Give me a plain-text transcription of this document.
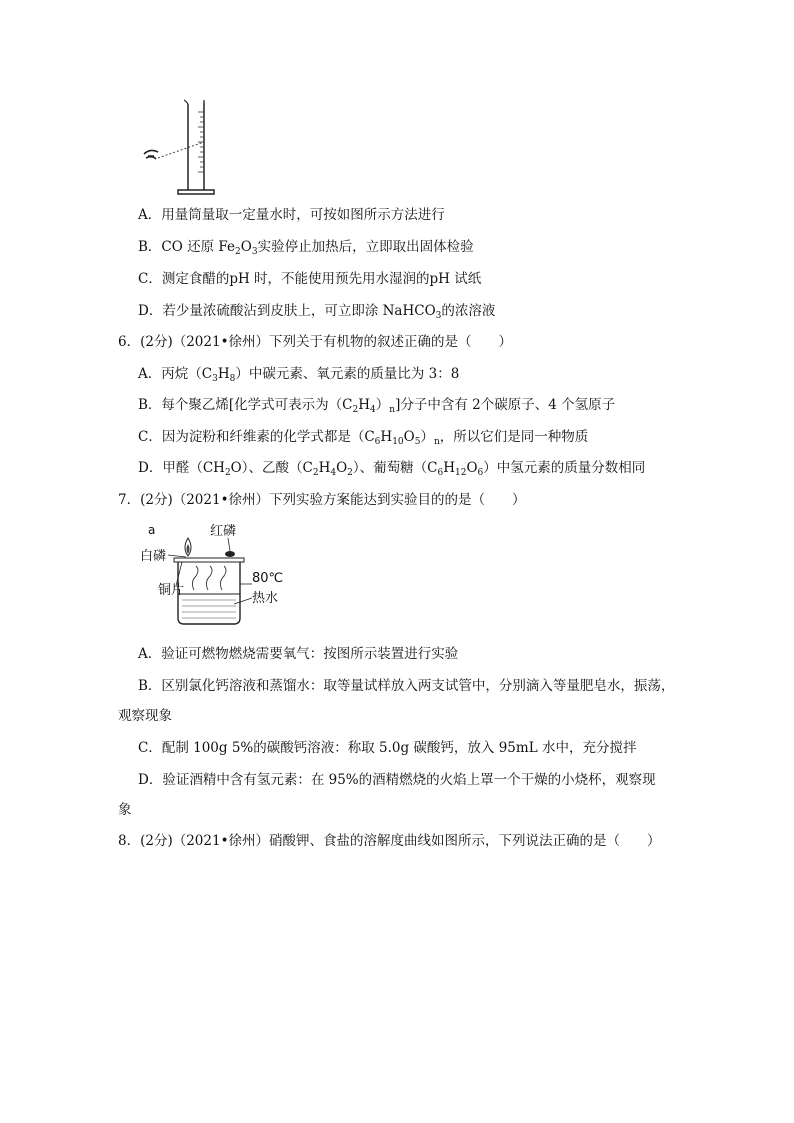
A．用量筒量取一定量水时，可按如图所示方法进行
B．CO 还原 $Fe_2O_3$实验停止加热后，立即取出固体检验
C．测定食醋的pH 时，不能使用预先用水湿润的pH 试纸
D．若少量浓硫酸沾到皮肤上，可立即涂 NaHCO$_3$的浓溶液
6．(2分)（2021•徐州）下列关于有机物的叙述正确的是（　　）
A．丙烷$(C_3H_8)$中碳元素、氧元素的质量比为 3：8
B．每个聚乙烯[化学式可表示为$(C_2H_4)_n$]分子中含有 2个碳原子、4 个氢原子
C．因为淀粉和纤维素的化学式都是$(C_6H_{10}O_5)_n$，所以它们是同一种物质
D．甲醛$(CH_2O)$、乙酸$(C_2H_4O_2)$、葡萄糖$(C_6H_{12}O_6)$中氢元素的质量分数相同
7．(2分)（2021•徐州）下列实验方案能达到实验目的的是（　　）
a	红磷
白磷
80℃
热水
铜片
A．验证可燃物燃烧需要氧气：按图所示装置进行实验
B．区别氯化钙溶液和蒸馏水：取等量试样放入两支试管中，分别滴入等量肥皂水，振荡，
观察现象
C．配制 100g 5%的碳酸钙溶液：称取 5.0g 碳酸钙，放入 95mL 水中，充分搅拌
D．验证酒精中含有氢元素：在 95%的酒精燃烧的火焰上罩一个干燥的小烧杯，观察现
象
8．(2分)（2021•徐州）硝酸钾、食盐的溶解度曲线如图所示，下列说法正确的是（　　）
